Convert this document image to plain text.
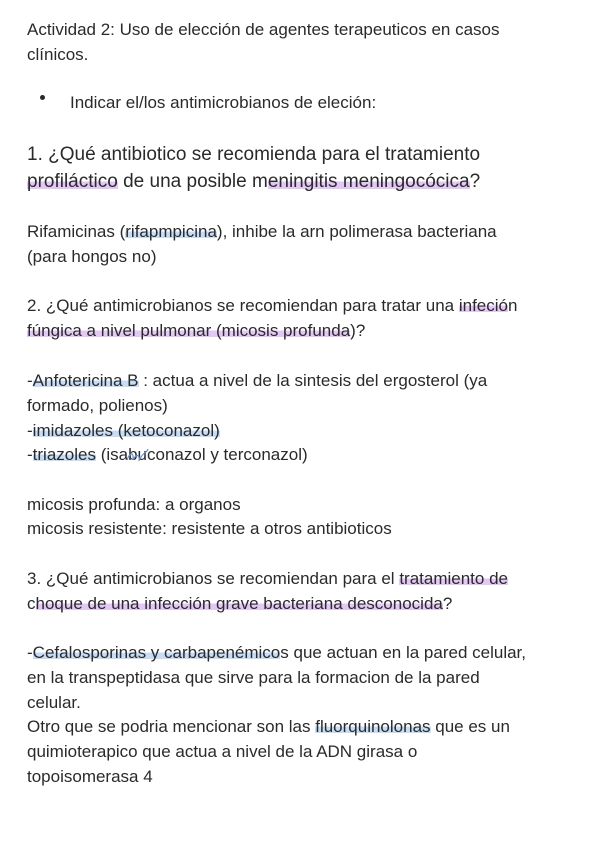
Actividad 2: Uso de elección de agentes terapeuticos en casos
clínicos.
Indicar el/los antimicrobianos de eleción:
1. ¿Qué antibiotico se recomienda para el tratamiento
profiláctico de una posible meningitis meningocócica?
Rifamicinas (rifapmpicina), inhibe la arn polimerasa bacteriana
(para hongos no)
2. ¿Qué antimicrobianos se recomiendan para tratar una infeción
fúngica a nivel pulmonar (micosis profunda)?
-Anfotericina B : actua a nivel de la sintesis del ergosterol (ya
formado, polienos)
-imidazoles (ketoconazol)
-triazoles (isabuconazol y terconazol)
micosis profunda: a organos
micosis resistente: resistente a otros antibioticos
3. ¿Qué antimicrobianos se recomiendan para el tratamiento de
choque de una infección grave bacteriana desconocida?
-Cefalosporinas y carbapenémicos que actuan en la pared celular,
en la transpeptidasa que sirve para la formacion de la pared
celular.
Otro que se podria mencionar son las fluorquinolonas que es un
quimioterapico que actua a nivel de la ADN girasa o
topoisomerasa 4
